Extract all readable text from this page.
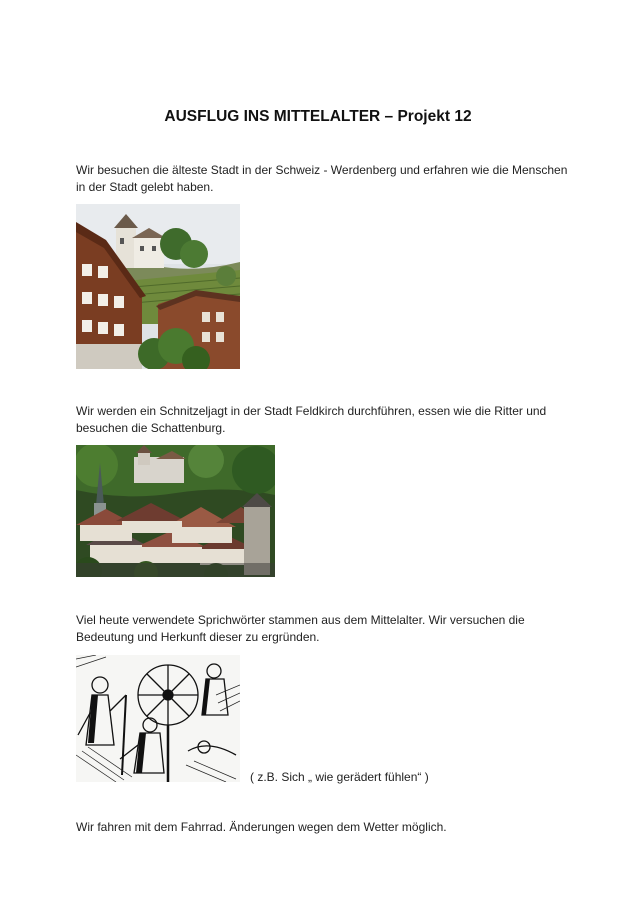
AUSFLUG INS MITTELALTER – Projekt 12
Wir besuchen die älteste Stadt in der Schweiz - Werdenberg und erfahren wie die Menschen
in der Stadt gelebt haben.
Wir werden ein Schnitzeljagt in der Stadt Feldkirch durchführen, essen wie die Ritter und
besuchen die Schattenburg.
Viel heute verwendete Sprichwörter stammen aus dem Mittelalter. Wir versuchen die
Bedeutung und Herkunft dieser zu ergründen.
( z.B. Sich „ wie gerädert fühlen“ )
Wir fahren mit dem Fahrrad. Änderungen wegen dem Wetter möglich.
